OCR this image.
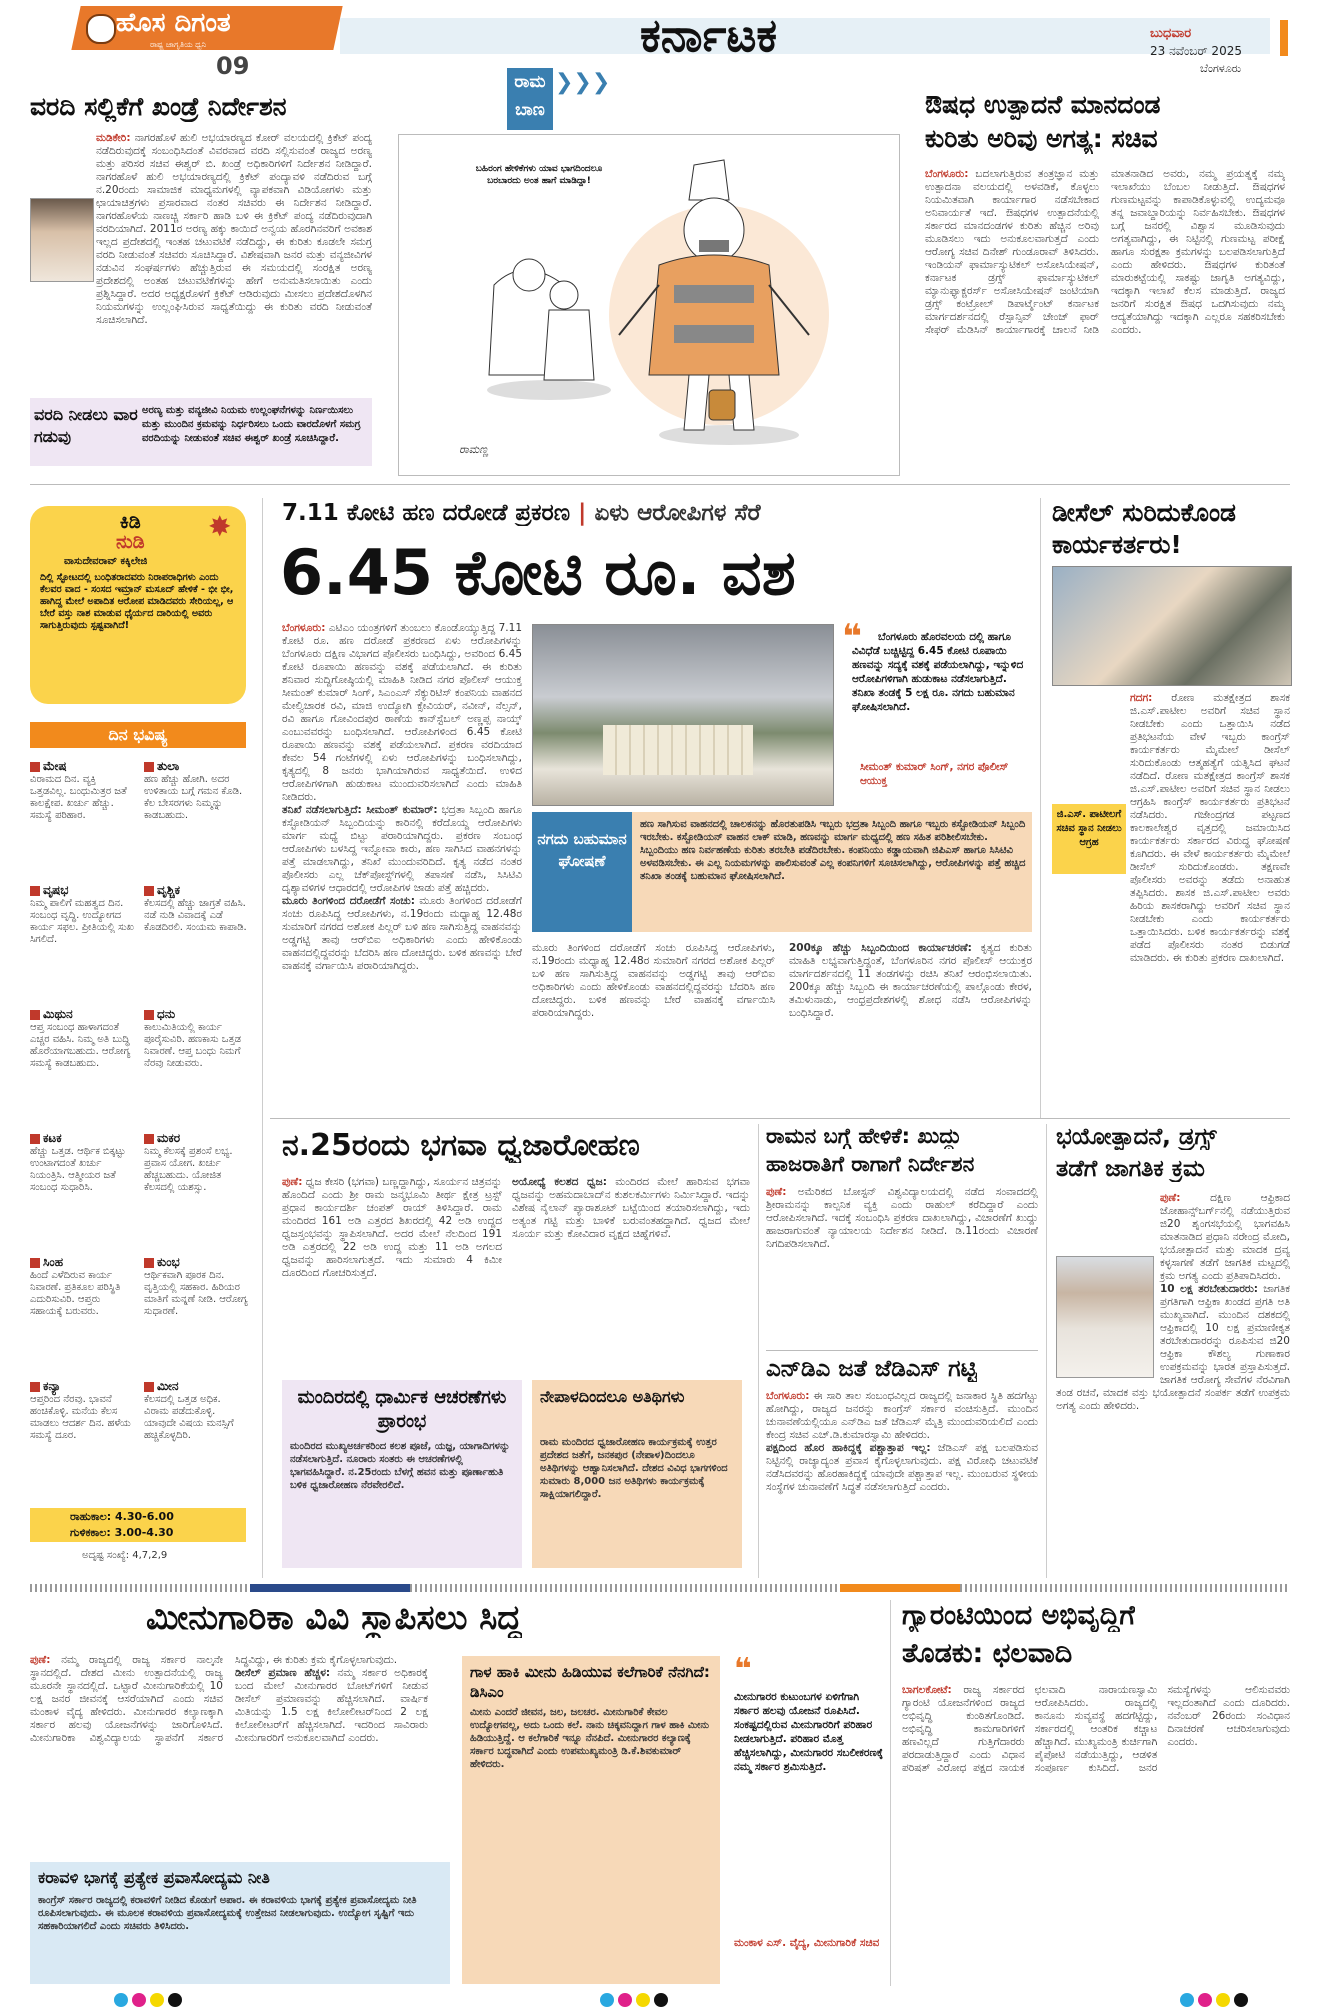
ಹೊಸ ದಿಗಂತ
ರಾಷ್ಟ್ರ ಜಾಗೃತಿಯ ಧ್ವನಿ
09
ಕರ್ನಾಟಕ	ಬುಧವಾರ
23 ನವೆಂಬರ್ 2025
ಬೆಂಗಳೂರು
ವರದಿ ಸಲ್ಲಿಕೆಗೆ ಖಂಡ್ರೆ ನಿರ್ದೇಶನ
ಮಡಿಕೇರಿ: ನಾಗರಹೊಳೆ ಹುಲಿ ಅಭಯಾರಣ್ಯದ ಕೋರ್ ವಲಯದಲ್ಲಿ ಕ್ರಿಕೆಟ್ ಪಂದ್ಯ ನಡೆದಿರುವುದಕ್ಕೆ ಸಂಬಂಧಿಸಿದಂತೆ ವಿವರವಾದ ವರದಿ ಸಲ್ಲಿಸುವಂತೆ ರಾಜ್ಯದ ಅರಣ್ಯ ಮತ್ತು ಪರಿಸರ ಸಚಿವ ಈಶ್ವರ್ ಬಿ. ಖಂಡ್ರೆ ಅಧಿಕಾರಿಗಳಿಗೆ ನಿರ್ದೇಶನ ನೀಡಿದ್ದಾರೆ. ನಾಗರಹೊಳೆ ಹುಲಿ ಅಭಯಾರಣ್ಯದಲ್ಲಿ ಕ್ರಿಕೆಟ್ ಪಂದ್ಯಾವಳಿ ನಡೆದಿರುವ ಬಗ್ಗೆ ನ.20ರಂದು ಸಾಮಾಜಿಕ ಮಾಧ್ಯಮಗಳಲ್ಲಿ ವ್ಯಾಪಕವಾಗಿ ವಿಡಿಯೋಗಳು ಮತ್ತು ಛಾಯಾಚಿತ್ರಗಳು ಪ್ರಸಾರವಾದ ನಂತರ ಸಚಿವರು ಈ ನಿರ್ದೇಶನ ನೀಡಿದ್ದಾರೆ. ನಾಗರಹೊಳೆಯ ನಾಣಚ್ಚಿ ಸರ್ಕಾರಿ ಹಾಡಿ ಬಳಿ ಈ ಕ್ರಿಕೆಟ್ ಪಂದ್ಯ ನಡೆದಿರುವುದಾಗಿ ವರದಿಯಾಗಿದೆ. 2011ರ ಅರಣ್ಯ ಹಕ್ಕು ಕಾಯಿದೆ ಅನ್ವಯ ಹೊರಗಿನವರಿಗೆ ಅವಕಾಶ ಇಲ್ಲದ ಪ್ರದೇಶದಲ್ಲಿ ಇಂತಹ ಚಟುವಟಿಕೆ ನಡೆದಿದ್ದು, ಈ ಕುರಿತು ಕೂಡಲೇ ಸಮಗ್ರ ವರದಿ ನೀಡುವಂತೆ ಸಚಿವರು ಸೂಚಿಸಿದ್ದಾರೆ. ವಿಶೇಷವಾಗಿ ಜನರ ಮತ್ತು ವನ್ಯಜೀವಿಗಳ ನಡುವಿನ ಸಂಘರ್ಷಗಳು ಹೆಚ್ಚುತ್ತಿರುವ ಈ ಸಮಯದಲ್ಲಿ ಸಂರಕ್ಷಿತ ಅರಣ್ಯ ಪ್ರದೇಶದಲ್ಲಿ ಅಂತಹ ಚಟುವಟಿಕೆಗಳನ್ನು ಹೇಗೆ ಅನುಮತಿಸಲಾಯಿತು ಎಂದು ಪ್ರಶ್ನಿಸಿದ್ದಾರೆ. ಅದರ ಅಧ್ಯಕ್ಷರೊಳಗೆ ಕ್ರಿಕೆಟ್ ಆಡಿರುವುದು ಮೀಸಲು ಪ್ರದೇಶದೊಳಗಿನ ನಿಯಮಗಳನ್ನು ಉಲ್ಲಂಘಿಸಿರುವ ಸಾಧ್ಯತೆಯಿದ್ದು ಈ ಕುರಿತು ವರದಿ ನೀಡುವಂತೆ ಸೂಚಿಸಲಾಗಿದೆ.
ವರದಿ ನೀಡಲು ವಾರ ಗಡುವು
ಅರಣ್ಯ ಮತ್ತು ವನ್ಯಜೀವಿ ನಿಯಮ ಉಲ್ಲಂಘನೆಗಳನ್ನು ನಿರ್ಣಯಿಸಲು ಮತ್ತು ಮುಂದಿನ ಕ್ರಮವನ್ನು ನಿರ್ಧರಿಸಲು ಒಂದು ವಾರದೊಳಗೆ ಸಮಗ್ರ ವರದಿಯನ್ನು ನೀಡುವಂತೆ ಸಚಿವ ಈಶ್ವರ್ ಖಂಡ್ರೆ ಸೂಚಿಸಿದ್ದಾರೆ.
ರಾಮ
ಬಾಣ
❯❯❯
ಬಹಿರಂಗ ಹೇಳಿಕೆಗಳು ಯಾವ ಭಾಗದಿಂದಲೂ ಬರಬಾರದು ಅಂತ ಹಾಗೆ ಮಾಡಿದ್ದಾ!
ರಾಮಣ್ಣ
ಔಷಧ ಉತ್ಪಾದನೆ ಮಾನದಂಡ
ಕುರಿತು ಅರಿವು ಅಗತ್ಯ: ಸಚಿವ
ಬೆಂಗಳೂರು: ಬದಲಾಗುತ್ತಿರುವ ತಂತ್ರಜ್ಞಾನ ಮತ್ತು ಉತ್ಪಾದನಾ ವಲಯದಲ್ಲಿ ಅಳವಡಿಕೆ, ಕೊಳ್ಳಲು ನಿಯಮಿತವಾಗಿ ಕಾರ್ಯಾಗಾರ ನಡೆಸಬೇಕಾದ ಅನಿವಾರ್ಯತೆ ಇದೆ. ಔಷಧಗಳ ಉತ್ಪಾದನೆಯಲ್ಲಿ ಸರ್ಕಾರದ ಮಾನದಂಡಗಳ ಕುರಿತು ಹೆಚ್ಚಿನ ಅರಿವು ಮೂಡಿಸಲು ಇದು ಅನುಕೂಲವಾಗುತ್ತದೆ ಎಂದು ಆರೋಗ್ಯ ಸಚಿವ ದಿನೇಶ್ ಗುಂಡೂರಾವ್ ತಿಳಿಸಿದರು. ಇಂಡಿಯನ್ ಫಾರ್ಮಾಸ್ಯುಟಿಕಲ್ ಅಸೋಸಿಯೇಷನ್, ಕರ್ನಾಟಕ ಡ್ರಗ್ಸ್ ಫಾರ್ಮಾಸ್ಯುಟಿಕಲ್ ಮ್ಯಾನುಫ್ಯಾಕ್ಚರರ್ಸ್ ಅಸೋಸಿಯೇಷನ್ ಜಂಟಿಯಾಗಿ ಡ್ರಗ್ಸ್ ಕಂಟ್ರೋಲ್ ಡಿಪಾರ್ಟ್ಮೆಂಟ್ ಕರ್ನಾಟಕ ಮಾರ್ಗದರ್ಶನದಲ್ಲಿ ರೆಸ್ಪಾನ್ಸಿವ್ ಚೇಂಜ್ ಫಾರ್ ಸೇಫರ್ ಮೆಡಿಸಿನ್ ಕಾರ್ಯಾಗಾರಕ್ಕೆ ಚಾಲನೆ ನೀಡಿ ಮಾತನಾಡಿದ ಅವರು, ನಮ್ಮ ಪ್ರಯತ್ನಕ್ಕೆ ನಮ್ಮ ಇಲಾಖೆಯು ಬೆಂಬಲ ನೀಡುತ್ತಿದೆ. ಔಷಧಗಳ ಗುಣಮಟ್ಟವನ್ನು ಕಾಪಾಡಿಕೊಳ್ಳುವಲ್ಲಿ ಉದ್ಯಮವೂ ತನ್ನ ಜವಾಬ್ದಾರಿಯನ್ನು ನಿರ್ವಹಿಸಬೇಕು. ಔಷಧಗಳ ಬಗ್ಗೆ ಜನರಲ್ಲಿ ವಿಶ್ವಾಸ ಮೂಡಿಸುವುದು ಅಗತ್ಯವಾಗಿದ್ದು, ಈ ನಿಟ್ಟಿನಲ್ಲಿ ಗುಣಮಟ್ಟ ಪರೀಕ್ಷೆ ಹಾಗೂ ಸುರಕ್ಷತಾ ಕ್ರಮಗಳನ್ನು ಬಲಪಡಿಸಲಾಗುತ್ತಿದೆ ಎಂದು ಹೇಳಿದರು. ಔಷಧಗಳ ಕುರಿತಂತೆ ಮಾರುಕಟ್ಟೆಯಲ್ಲಿ ಸಾಕಷ್ಟು ಜಾಗೃತಿ ಅಗತ್ಯವಿದ್ದು, ಇದಕ್ಕಾಗಿ ಇಲಾಖೆ ಕೆಲಸ ಮಾಡುತ್ತಿದೆ. ರಾಜ್ಯದ ಜನರಿಗೆ ಸುರಕ್ಷಿತ ಔಷಧ ಒದಗಿಸುವುದು ನಮ್ಮ ಆದ್ಯತೆಯಾಗಿದ್ದು ಇದಕ್ಕಾಗಿ ಎಲ್ಲರೂ ಸಹಕರಿಸಬೇಕು ಎಂದರು.
ಕಿಡಿ
ನುಡಿ ✸
ವಾಸುದೇವರಾವ್ ಕಕ್ಕಿಲೇಜಿ
ದಿಲ್ಲಿ ಸ್ಫೋಟದಲ್ಲಿ ಬಂಧಿತರಾದವರು ನಿರಾಪರಾಧಿಗಳು ಎಂದು ಕೆಲವರ ವಾದ - ಸಂಸದ ಇಮ್ರಾನ್ ಮಸೂದ್ ಹೇಳಿಕೆ - ಭೀ ಭೀ, ಹಾಗಿದ್ದ ಮೇಲೆ ಅಪಾದಿತ ಆರೋಪ ಮಾಡಿದವರು ಸೇರಿಯಲ್ಲ, ಆ ಬೇರೆ ವಸ್ತು ನಾಶ ಮಾಡುವ ಧೈರ್ಯದ ದಾರಿಯಲ್ಲಿ ಅವರು ಸಾಗುತ್ತಿರುವುದು ಸ್ಪಷ್ಟವಾಗಿದೆ!
ದಿನ ಭವಿಷ್ಯ
ಮೇಷ
ವಿರಾಮದ ದಿನ. ವ್ಯಕ್ತಿ ಒತ್ತಡವಿಲ್ಲ. ಬಂಧುಮಿತ್ರರ ಜತೆ ಕಾಲಕ್ಷೇಪ. ಖರ್ಚು ಹೆಚ್ಚು. ಸಮಸ್ಯೆ ಪರಿಹಾರ.
ತುಲಾ
ಹಣ ಹೆಚ್ಚು ಹೋಗಿ. ಅದರ ಉಳಿತಾಯ ಬಗ್ಗೆ ಗಮನ ಕೊಡಿ. ಕೆಲ ಬೇಸರಗಳು ನಿಮ್ಮನ್ನು ಕಾಡಬಹುದು.
ವೃಷಭ
ನಿಮ್ಮ ಪಾಲಿಗೆ ಮಹತ್ವದ ದಿನ. ಸಂಬಂಧ ವೃದ್ಧಿ. ಉದ್ಯೋಗದ ಕಾರ್ಯ ಸಫಲ. ಪ್ರೀತಿಯಲ್ಲಿ ಸುಖ ಸಿಗಲಿದೆ.
ವೃಶ್ಚಿಕ
ಕೆಲಸದಲ್ಲಿ ಹೆಚ್ಚು ಜಾಗ್ರತೆ ವಹಿಸಿ. ನಡೆ ನುಡಿ ವಿವಾದಕ್ಕೆ ಎಡೆ ಕೊಡದಿರಲಿ. ಸಂಯಮ ಕಾಪಾಡಿ.
ಮಿಥುನ
ಆಪ್ತ ಸಂಬಂಧ ಹಾಳಾಗದಂತೆ ಎಚ್ಚರ ವಹಿಸಿ. ನಿಮ್ಮ ಅತಿ ಬುದ್ಧಿ ಹೊರೆಯಾಗಬಹುದು. ಆರೋಗ್ಯ ಸಮಸ್ಯೆ ಕಾಡಬಹುದು.
ಧನು
ಕಾಲುಮಿತಿಯಲ್ಲಿ ಕಾರ್ಯ ಪೂರೈಸುವಿರಿ. ಹಣಕಾಸು ಒತ್ತಡ ನಿವಾರಣೆ. ಆಪ್ತ ಬಂಧು ನಿಮಗೆ ನೆರವು ನೀಡುವರು.
ಕಟಕ
ಹೆಚ್ಚು ಒತ್ತಡ. ಆರ್ಥಿಕ ಬಿಕ್ಕಟ್ಟು ಉಂಟಾಗದಂತೆ ಖರ್ಚು ನಿಯಂತ್ರಿಸಿ. ಆತ್ಮೀಯರ ಜತೆ ಸಂಬಂಧ ಸುಧಾರಿಸಿ.
ಮಕರ
ನಿಮ್ಮ ಕೆಲಸಕ್ಕೆ ಪ್ರಶಂಸೆ ಲಭ್ಯ. ಪ್ರವಾಸ ಯೋಗ. ಖರ್ಚು ಹೆಚ್ಚಬಹುದು. ಯೋಜಿತ ಕೆಲಸದಲ್ಲಿ ಯಶಸ್ಸು.
ಸಿಂಹ
ಹಿಂದೆ ಎಳೆದಿರುವ ಕಾರ್ಯ ನಿವಾರಣೆ. ಪ್ರತಿಕೂಲ ಪರಿಸ್ಥಿತಿ ಎದುರಿಸುವಿರಿ. ಆಪ್ತರು ಸಹಾಯಕ್ಕೆ ಬರುವರು.
ಕುಂಭ
ಆರ್ಥಿಕವಾಗಿ ಪೂರಕ ದಿನ. ವೃತ್ತಿಯಲ್ಲಿ ಸಹಕಾರ. ಹಿರಿಯರ ಮಾತಿಗೆ ಮನ್ನಣೆ ನೀಡಿ. ಆರೋಗ್ಯ ಸುಧಾರಣೆ.
ಕನ್ಯಾ
ಆಪ್ತರಿಂದ ನೆರವು. ಭಾವನೆ ಹಂಚಿಕೊಳ್ಳಿ. ಮನೆಯ ಕೆಲಸ ಮಾಡಲು ಆದರ್ಶ ದಿನ. ಹಳೆಯ ಸಮಸ್ಯೆ ದೂರ.
ಮೀನ
ಕೆಲಸದಲ್ಲಿ ಒತ್ತಡ ಅಧಿಕ. ವಿರಾಮ ಪಡೆದುಕೊಳ್ಳಿ. ಯಾವುದೇ ವಿಷಯ ಮನಸ್ಸಿಗೆ ಹಚ್ಚಿಕೊಳ್ಳದಿರಿ.
ರಾಹುಕಾಲ: 4.30-6.00
ಗುಳಿಕಕಾಲ: 3.00-4.30
ಅದೃಷ್ಟ ಸಂಖ್ಯೆ: 4,7,2,9
7.11 ಕೋಟಿ ಹಣ ದರೋಡೆ ಪ್ರಕರಣ | ಏಳು ಆರೋಪಿಗಳ ಸೆರೆ
6.45 ಕೋಟಿ ರೂ. ವಶ
ಬೆಂಗಳೂರು: ಎಟಿಎಂ ಯಂತ್ರಗಳಿಗೆ ತುಂಬಲು ಕೊಂಡೊಯ್ಯುತ್ತಿದ್ದ 7.11 ಕೋಟಿ ರೂ. ಹಣ ದರೋಡೆ ಪ್ರಕರಣದ ಏಳು ಆರೋಪಿಗಳನ್ನು ಬೆಂಗಳೂರು ದಕ್ಷಿಣ ವಿಭಾಗದ ಪೊಲೀಸರು ಬಂಧಿಸಿದ್ದು, ಅವರಿಂದ 6.45 ಕೋಟಿ ರೂಪಾಯಿ ಹಣವನ್ನು ವಶಕ್ಕೆ ಪಡೆಯಲಾಗಿದೆ. ಈ ಕುರಿತು ಶನಿವಾರ ಸುದ್ದಿಗೋಷ್ಠಿಯಲ್ಲಿ ಮಾಹಿತಿ ನೀಡಿದ ನಗರ ಪೊಲೀಸ್ ಆಯುಕ್ತ ಸೀಮಂತ್ ಕುಮಾರ್ ಸಿಂಗ್, ಸಿಎಂಎಸ್ ಸೆಕ್ಯುರಿಟಿಸ್ ಕಂಪನಿಯ ವಾಹನದ ಮೇಲ್ವಿಚಾರಕ ರವಿ, ಮಾಜಿ ಉದ್ಯೋಗಿ ಕ್ಸೇವಿಯರ್, ನವೀನ್, ನೆಲ್ಸನ್, ರವಿ ಹಾಗೂ ಗೋವಿಂದಪುರ ಠಾಣೆಯ ಕಾನ್‌ಸ್ಟೆಬಲ್ ಅಣ್ಣಪ್ಪ ನಾಯ್ಕ್ ಎಂಬುವವರನ್ನು ಬಂಧಿಸಲಾಗಿದೆ. ಆರೋಪಿಗಳಿಂದ 6.45 ಕೋಟಿ ರೂಪಾಯಿ ಹಣವನ್ನು ವಶಕ್ಕೆ ಪಡೆಯಲಾಗಿದೆ. ಪ್ರಕರಣ ವರದಿಯಾದ ಕೇವಲ 54 ಗಂಟೆಗಳಲ್ಲಿ ಏಳು ಆರೋಪಿಗಳನ್ನು ಬಂಧಿಸಲಾಗಿದ್ದು, ಕೃತ್ಯದಲ್ಲಿ 8 ಜನರು ಭಾಗಿಯಾಗಿರುವ ಸಾಧ್ಯತೆಯಿದೆ. ಉಳಿದ ಆರೋಪಿಗಳಿಗಾಗಿ ಹುಡುಕಾಟ ಮುಂದುವರಿಸಲಾಗಿದೆ ಎಂದು ಮಾಹಿತಿ ನೀಡಿದರು.
ತನಿಖೆ ನಡೆಸಲಾಗುತ್ತಿದೆ: ಸೀಮಂತ್ ಕುಮಾರ್: ಭದ್ರತಾ ಸಿಬ್ಬಂದಿ ಹಾಗೂ ಕಸ್ಟೋಡಿಯನ್ ಸಿಬ್ಬಂದಿಯನ್ನು ಕಾರಿನಲ್ಲಿ ಕರೆದೊಯ್ದ ಆರೋಪಿಗಳು ಮಾರ್ಗ ಮಧ್ಯೆ ಬಿಟ್ಟು ಪರಾರಿಯಾಗಿದ್ದರು. ಪ್ರಕರಣ ಸಂಬಂಧ ಆರೋಪಿಗಳು ಬಳಸಿದ್ದ ಇನ್ನೋವಾ ಕಾರು, ಹಣ ಸಾಗಿಸಿದ ವಾಹನಗಳನ್ನು ಪತ್ತೆ ಮಾಡಲಾಗಿದ್ದು, ತನಿಖೆ ಮುಂದುವರಿದಿದೆ. ಕೃತ್ಯ ನಡೆದ ನಂತರ ಪೊಲೀಸರು ಎಲ್ಲ ಚೆಕ್‌ಪೋಸ್ಟ್‌ಗಳಲ್ಲಿ ತಪಾಸಣೆ ನಡೆಸಿ, ಸಿಸಿಟಿವಿ ದೃಶ್ಯಾವಳಿಗಳ ಆಧಾರದಲ್ಲಿ ಆರೋಪಿಗಳ ಜಾಡು ಪತ್ತೆ ಹಚ್ಚಿದರು.
ಮೂರು ತಿಂಗಳಿಂದ ದರೋಡೆಗೆ ಸಂಚು: ಮೂರು ತಿಂಗಳಿಂದ ದರೋಡೆಗೆ ಸಂಚು ರೂಪಿಸಿದ್ದ ಆರೋಪಿಗಳು, ನ.19ರಂದು ಮಧ್ಯಾಹ್ನ 12.48ರ ಸುಮಾರಿಗೆ ನಗರದ ಅಶೋಕ ಪಿಲ್ಲರ್ ಬಳಿ ಹಣ ಸಾಗಿಸುತ್ತಿದ್ದ ವಾಹನವನ್ನು ಅಡ್ಡಗಟ್ಟಿ ತಾವು ಆರ್‌ಬಿಐ ಅಧಿಕಾರಿಗಳು ಎಂದು ಹೇಳಿಕೊಂಡು ವಾಹನದಲ್ಲಿದ್ದವರನ್ನು ಬೆದರಿಸಿ ಹಣ ದೋಚಿದ್ದರು. ಬಳಿಕ ಹಣವನ್ನು ಬೇರೆ ವಾಹನಕ್ಕೆ ವರ್ಗಾಯಿಸಿ ಪರಾರಿಯಾಗಿದ್ದರು.
❝	ಬೆಂಗಳೂರು ಹೊರವಲಯ ದಲ್ಲಿ ಹಾಗೂ ವಿವಿಧೆಡೆ ಬಚ್ಚಿಟ್ಟಿದ್ದ 6.45 ಕೋಟಿ ರೂಪಾಯಿ ಹಣವನ್ನು ಸದ್ಯಕ್ಕೆ ವಶಕ್ಕೆ ಪಡೆಯಲಾಗಿದ್ದು, ಇನ್ನುಳಿದ ಆರೋಪಿಗಳಿಗಾಗಿ ಹುಡುಕಾಟ ನಡೆಸಲಾಗುತ್ತಿದೆ. ತನಿಖಾ ತಂಡಕ್ಕೆ 5 ಲಕ್ಷ ರೂ. ನಗದು ಬಹುಮಾನ ಘೋಷಿಸಲಾಗಿದೆ.
ಸೀಮಂತ್ ಕುಮಾರ್ ಸಿಂಗ್, ನಗರ ಪೊಲೀಸ್ ಆಯುಕ್ತ
ನಗದು ಬಹುಮಾನ ಘೋಷಣೆ
ಹಣ ಸಾಗಿಸುವ ವಾಹನದಲ್ಲಿ ಚಾಲಕನನ್ನು ಹೊರತುಪಡಿಸಿ ಇಬ್ಬರು ಭದ್ರತಾ ಸಿಬ್ಬಂದಿ ಹಾಗೂ ಇಬ್ಬರು ಕಸ್ಟೋಡಿಯನ್ ಸಿಬ್ಬಂದಿ ಇರಬೇಕು. ಕಸ್ಟೋಡಿಯನ್ ವಾಹನ ಲಾಕ್ ಮಾಡಿ, ಹಣವನ್ನು ಮಾರ್ಗ ಮಧ್ಯದಲ್ಲಿ ಹಣ ಸಹಿತ ಪರಿಶೀಲಿಸಬೇಕು. ಸಿಬ್ಬಂದಿಯು ಹಣ ನಿರ್ವಹಣೆಯ ಕುರಿತು ತರಬೇತಿ ಪಡೆದಿರಬೇಕು. ಕಂಪನಿಯು ಕಡ್ಡಾಯವಾಗಿ ಜಿಪಿಎಸ್ ಹಾಗೂ ಸಿಸಿಟಿವಿ ಅಳವಡಿಸಬೇಕು. ಈ ಎಲ್ಲ ನಿಯಮಗಳನ್ನು ಪಾಲಿಸುವಂತೆ ಎಲ್ಲ ಕಂಪನಿಗಳಿಗೆ ಸೂಚಿಸಲಾಗಿದ್ದು, ಆರೋಪಿಗಳನ್ನು ಪತ್ತೆ ಹಚ್ಚಿದ ತನಿಖಾ ತಂಡಕ್ಕೆ ಬಹುಮಾನ ಘೋಷಿಸಲಾಗಿದೆ.
ಮೂರು ತಿಂಗಳಿಂದ ದರೋಡೆಗೆ ಸಂಚು ರೂಪಿಸಿದ್ದ ಆರೋಪಿಗಳು, ನ.19ರಂದು ಮಧ್ಯಾಹ್ನ 12.48ರ ಸುಮಾರಿಗೆ ನಗರದ ಅಶೋಕ ಪಿಲ್ಲರ್ ಬಳಿ ಹಣ ಸಾಗಿಸುತ್ತಿದ್ದ ವಾಹನವನ್ನು ಅಡ್ಡಗಟ್ಟಿ ತಾವು ಆರ್‌ಬಿಐ ಅಧಿಕಾರಿಗಳು ಎಂದು ಹೇಳಿಕೊಂಡು ವಾಹನದಲ್ಲಿದ್ದವರನ್ನು ಬೆದರಿಸಿ ಹಣ ದೋಚಿದ್ದರು. ಬಳಿಕ ಹಣವನ್ನು ಬೇರೆ ವಾಹನಕ್ಕೆ ವರ್ಗಾಯಿಸಿ ಪರಾರಿಯಾಗಿದ್ದರು.
200ಕ್ಕೂ ಹೆಚ್ಚು ಸಿಬ್ಬಂದಿಯಿಂದ ಕಾರ್ಯಾಚರಣೆ: ಕೃತ್ಯದ ಕುರಿತು ಮಾಹಿತಿ ಲಭ್ಯವಾಗುತ್ತಿದ್ದಂತೆ, ಬೆಂಗಳೂರಿನ ನಗರ ಪೊಲೀಸ್ ಆಯುಕ್ತರ ಮಾರ್ಗದರ್ಶನದಲ್ಲಿ 11 ತಂಡಗಳನ್ನು ರಚಿಸಿ ತನಿಖೆ ಆರಂಭಿಸಲಾಯಿತು. 200ಕ್ಕೂ ಹೆಚ್ಚು ಸಿಬ್ಬಂದಿ ಈ ಕಾರ್ಯಾಚರಣೆಯಲ್ಲಿ ಪಾಲ್ಗೊಂಡು ಕೇರಳ, ತಮಿಳುನಾಡು, ಆಂಧ್ರಪ್ರದೇಶಗಳಲ್ಲಿ ಶೋಧ ನಡೆಸಿ ಆರೋಪಿಗಳನ್ನು ಬಂಧಿಸಿದ್ದಾರೆ.
ಡೀಸೆಲ್ ಸುರಿದುಕೊಂಡ
ಕಾರ್ಯಕರ್ತರು!
ಜಿ.ಎಸ್. ಪಾಟೀಲಗೆ ಸಚಿವ ಸ್ಥಾನ ನೀಡಲು ಆಗ್ರಹ
ಗದಗ: ರೋಣ ಮತಕ್ಷೇತ್ರದ ಶಾಸಕ ಜಿ.ಎಸ್.ಪಾಟೀಲ ಅವರಿಗೆ ಸಚಿವ ಸ್ಥಾನ ನೀಡಬೇಕು ಎಂದು ಒತ್ತಾಯಿಸಿ ನಡೆದ ಪ್ರತಿಭಟನೆಯ ವೇಳೆ ಇಬ್ಬರು ಕಾಂಗ್ರೆಸ್ ಕಾರ್ಯಕರ್ತರು ಮೈಮೇಲೆ ಡೀಸೆಲ್ ಸುರಿದುಕೊಂಡು ಆತ್ಮಹತ್ಯೆಗೆ ಯತ್ನಿಸಿದ ಘಟನೆ ನಡೆದಿದೆ. ರೋಣ ಮತಕ್ಷೇತ್ರದ ಕಾಂಗ್ರೆಸ್ ಶಾಸಕ ಜಿ.ಎಸ್.ಪಾಟೀಲ ಅವರಿಗೆ ಸಚಿವ ಸ್ಥಾನ ನೀಡಲು ಆಗ್ರಹಿಸಿ ಕಾಂಗ್ರೆಸ್ ಕಾರ್ಯಕರ್ತರು ಪ್ರತಿಭಟನೆ ನಡೆಸಿದರು. ಗಜೇಂದ್ರಗಡ ಪಟ್ಟಣದ ಕಾಲಕಾಲೇಶ್ವರ ವೃತ್ತದಲ್ಲಿ ಜಮಾಯಿಸಿದ ಕಾರ್ಯಕರ್ತರು ಸರ್ಕಾರದ ವಿರುದ್ಧ ಘೋಷಣೆ ಕೂಗಿದರು. ಈ ವೇಳೆ ಕಾರ್ಯಕರ್ತರು ಮೈಮೇಲೆ ಡೀಸೆಲ್ ಸುರಿದುಕೊಂಡರು. ತಕ್ಷಣವೇ ಪೊಲೀಸರು ಅವರನ್ನು ತಡೆದು ಅನಾಹುತ ತಪ್ಪಿಸಿದರು. ಶಾಸಕ ಜಿ.ಎಸ್.ಪಾಟೀಲ ಅವರು ಹಿರಿಯ ಶಾಸಕರಾಗಿದ್ದು ಅವರಿಗೆ ಸಚಿವ ಸ್ಥಾನ ನೀಡಬೇಕು ಎಂದು ಕಾರ್ಯಕರ್ತರು ಒತ್ತಾಯಿಸಿದರು. ಬಳಿಕ ಕಾರ್ಯಕರ್ತರನ್ನು ವಶಕ್ಕೆ ಪಡೆದ ಪೊಲೀಸರು ನಂತರ ಬಿಡುಗಡೆ ಮಾಡಿದರು. ಈ ಕುರಿತು ಪ್ರಕರಣ ದಾಖಲಾಗಿದೆ.
ನ.25ರಂದು ಭಗವಾ ಧ್ವಜಾರೋಹಣ
ಪುಣೆ: ಧ್ವಜ ಕೇಸರಿ (ಭಗವಾ) ಬಣ್ಣದ್ದಾಗಿದ್ದು, ಸೂರ್ಯನ ಚಿತ್ರವನ್ನು ಹೊಂದಿದೆ ಎಂದು ಶ್ರೀ ರಾಮ ಜನ್ಮಭೂಮಿ ತೀರ್ಥ ಕ್ಷೇತ್ರ ಟ್ರಸ್ಟ್ ಪ್ರಧಾನ ಕಾರ್ಯದರ್ಶಿ ಚಂಪತ್ ರಾಯ್ ತಿಳಿಸಿದ್ದಾರೆ. ರಾಮ ಮಂದಿರದ 161 ಅಡಿ ಎತ್ತರದ ಶಿಖರದಲ್ಲಿ 42 ಅಡಿ ಉದ್ದದ ಧ್ವಜಸ್ತಂಭವನ್ನು ಸ್ಥಾಪಿಸಲಾಗಿದೆ. ಅದರ ಮೇಲೆ ನೆಲದಿಂದ 191 ಅಡಿ ಎತ್ತರದಲ್ಲಿ 22 ಅಡಿ ಉದ್ದ ಮತ್ತು 11 ಅಡಿ ಅಗಲದ ಧ್ವಜವನ್ನು ಹಾರಿಸಲಾಗುತ್ತದೆ. ಇದು ಸುಮಾರು 4 ಕಿಮೀ ದೂರದಿಂದ ಗೋಚರಿಸುತ್ತದೆ.
ಅಯೋಧ್ಯೆ ಕಲಶದ ಧ್ವಜ: ಮಂದಿರದ ಮೇಲೆ ಹಾರಿಸುವ ಭಗವಾ ಧ್ವಜವನ್ನು ಅಹಮದಾಬಾದ್‌ನ ಕುಶಲಕರ್ಮಿಗಳು ನಿರ್ಮಿಸಿದ್ದಾರೆ. ಇದನ್ನು ವಿಶೇಷ ನೈಲಾನ್ ಪ್ಯಾರಾಶೂಟ್ ಬಟ್ಟೆಯಿಂದ ತಯಾರಿಸಲಾಗಿದ್ದು, ಇದು ಅತ್ಯಂತ ಗಟ್ಟಿ ಮತ್ತು ಬಾಳಿಕೆ ಬರುವಂತಹದ್ದಾಗಿದೆ. ಧ್ವಜದ ಮೇಲೆ ಸೂರ್ಯ ಮತ್ತು ಕೋವಿದಾರ ವೃಕ್ಷದ ಚಿಹ್ನೆಗಳಿವೆ.
ಮಂದಿರದಲ್ಲಿ ಧಾರ್ಮಿಕ ಆಚರಣೆಗಳು ಪ್ರಾರಂಭ
ಮಂದಿರದ ಮುಖ್ಯಅರ್ಚಕರಿಂದ ಕಲಶ ಪೂಜೆ, ಯಜ್ಞ, ಯಾಗಾದಿಗಳನ್ನು ನಡೆಸಲಾಗುತ್ತಿದೆ. ನೂರಾರು ಸಂತರು ಈ ಆಚರಣೆಗಳಲ್ಲಿ ಭಾಗವಹಿಸಿದ್ದಾರೆ. ನ.25ರಂದು ಬೆಳಗ್ಗೆ ಹವನ ಮತ್ತು ಪೂರ್ಣಾಹುತಿ ಬಳಿಕ ಧ್ವಜಾರೋಹಣ ನೆರವೇರಲಿದೆ.
ನೇಪಾಳದಿಂದಲೂ ಅತಿಥಿಗಳು
ರಾಮ ಮಂದಿರದ ಧ್ವಜಾರೋಹಣ ಕಾರ್ಯಕ್ರಮಕ್ಕೆ ಉತ್ತರ ಪ್ರದೇಶದ ಜತೆಗೆ, ಜನಕಪುರ (ನೇಪಾಳ)ದಿಂದಲೂ ಅತಿಥಿಗಳನ್ನು ಆಹ್ವಾನಿಸಲಾಗಿದೆ. ದೇಶದ ವಿವಿಧ ಭಾಗಗಳಿಂದ ಸುಮಾರು 8,000 ಜನ ಅತಿಥಿಗಳು ಕಾರ್ಯಕ್ರಮಕ್ಕೆ ಸಾಕ್ಷಿಯಾಗಲಿದ್ದಾರೆ.
ರಾಮನ ಬಗ್ಗೆ ಹೇಳಿಕೆ: ಖುದ್ದು
ಹಾಜರಾತಿಗೆ ರಾಗಾಗೆ ನಿರ್ದೇಶನ
ಪುಣೆ: ಅಮೆರಿಕದ ಬೋಸ್ಟನ್ ವಿಶ್ವವಿದ್ಯಾಲಯದಲ್ಲಿ ನಡೆದ ಸಂವಾದದಲ್ಲಿ ಶ್ರೀರಾಮನನ್ನು ಕಾಲ್ಪನಿಕ ವ್ಯಕ್ತಿ ಎಂದು ರಾಹುಲ್ ಕರೆದಿದ್ದಾರೆ ಎಂದು ಆರೋಪಿಸಲಾಗಿದೆ. ಇದಕ್ಕೆ ಸಂಬಂಧಿಸಿ ಪ್ರಕರಣ ದಾಖಲಾಗಿದ್ದು, ವಿಚಾರಣೆಗೆ ಖುದ್ದು ಹಾಜರಾಗುವಂತೆ ನ್ಯಾಯಾಲಯ ನಿರ್ದೇಶನ ನೀಡಿದೆ. ಡಿ.11ರಂದು ವಿಚಾರಣೆ ನಿಗದಿಪಡಿಸಲಾಗಿದೆ.
ಎನ್‌ಡಿಎ ಜತೆ ಜೆಡಿಎಸ್ ಗಟ್ಟಿ
ಬೆಂಗಳೂರು: ಈ ಸಾರಿ ತಾಲ ಸಂಬಂಧವಿಲ್ಲದ ರಾಜ್ಯದಲ್ಲಿ ಜನಾಕಾರ ಸ್ಥಿತಿ ಹದಗೆಟ್ಟು ಹೋಗಿದ್ದು, ರಾಜ್ಯದ ಜನರನ್ನು ಕಾಂಗ್ರೆಸ್ ಸರ್ಕಾರ ವಂಚಿಸುತ್ತಿದೆ. ಮುಂದಿನ ಚುನಾವಣೆಯಲ್ಲಿಯೂ ಎನ್‌ಡಿಎ ಜತೆ ಜೆಡಿಎಸ್ ಮೈತ್ರಿ ಮುಂದುವರಿಯಲಿದೆ ಎಂದು ಕೇಂದ್ರ ಸಚಿವ ಎಚ್.ಡಿ.ಕುಮಾರಸ್ವಾಮಿ ಹೇಳಿದರು.
ಪಕ್ಷದಿಂದ ಹೊರ ಹಾಕಿದ್ದಕ್ಕೆ ಪಶ್ಚಾತ್ತಾಪ ಇಲ್ಲ: ಜೆಡಿಎಸ್ ಪಕ್ಷ ಬಲಪಡಿಸುವ ನಿಟ್ಟಿನಲ್ಲಿ ರಾಜ್ಯಾದ್ಯಂತ ಪ್ರವಾಸ ಕೈಗೊಳ್ಳಲಾಗುವುದು. ಪಕ್ಷ ವಿರೋಧಿ ಚಟುವಟಿಕೆ ನಡೆಸಿದವರನ್ನು ಹೊರಹಾಕಿದ್ದಕ್ಕೆ ಯಾವುದೇ ಪಶ್ಚಾತ್ತಾಪ ಇಲ್ಲ. ಮುಂಬರುವ ಸ್ಥಳೀಯ ಸಂಸ್ಥೆಗಳ ಚುನಾವಣೆಗೆ ಸಿದ್ಧತೆ ನಡೆಸಲಾಗುತ್ತಿದೆ ಎಂದರು.
ಭಯೋತ್ಪಾದನೆ, ಡ್ರಗ್ಸ್
ತಡೆಗೆ ಜಾಗತಿಕ ಕ್ರಮ
ಪುಣೆ:	ದಕ್ಷಿಣ ಆಫ್ರಿಕಾದ ಜೋಹಾನ್ಸ್‌ಬರ್ಗ್‌ನಲ್ಲಿ ನಡೆಯುತ್ತಿರುವ ಜಿ20 ಶೃಂಗಸಭೆಯಲ್ಲಿ ಭಾಗವಹಿಸಿ ಮಾತನಾಡಿದ ಪ್ರಧಾನಿ ನರೇಂದ್ರ ಮೋದಿ, ಭಯೋತ್ಪಾದನೆ ಮತ್ತು ಮಾದಕ ದ್ರವ್ಯ ಕಳ್ಳಸಾಗಣೆ ತಡೆಗೆ ಜಾಗತಿಕ ಮಟ್ಟದಲ್ಲಿ ಕ್ರಮ ಅಗತ್ಯ ಎಂದು ಪ್ರತಿಪಾದಿಸಿದರು.
10 ಲಕ್ಷ ತರಬೇತುದಾರರು: ಜಾಗತಿಕ ಪ್ರಗತಿಗಾಗಿ ಆಫ್ರಿಕಾ ಖಂಡದ ಪ್ರಗತಿ ಅತಿ ಮುಖ್ಯವಾಗಿದೆ. ಮುಂದಿನ ದಶಕದಲ್ಲಿ ಆಫ್ರಿಕಾದಲ್ಲಿ 10 ಲಕ್ಷ ಪ್ರಮಾಣೀಕೃತ ತರಬೇತುದಾರರನ್ನು ರೂಪಿಸುವ ಜಿ20 ಆಫ್ರಿಕಾ ಕೌಶಲ್ಯ ಗುಣಾಕಾರ ಉಪಕ್ರಮವನ್ನು ಭಾರತ ಪ್ರಸ್ತಾಪಿಸುತ್ತದೆ. ಜಾಗತಿಕ ಆರೋಗ್ಯ ಸೇವೆಗಳ ನೆರವಿಗಾಗಿ ತಂಡ ರಚನೆ, ಮಾದಕ ವಸ್ತು ಭಯೋತ್ಪಾದನೆ ಸಂಪರ್ಕ ತಡೆಗೆ ಉಪಕ್ರಮ ಅಗತ್ಯ ಎಂದು ಹೇಳಿದರು.
ಮೀನುಗಾರಿಕಾ ವಿವಿ ಸ್ಥಾಪಿಸಲು ಸಿದ್ಧ
ಪುಣೆ: ನಮ್ಮ ರಾಜ್ಯದಲ್ಲಿ ರಾಜ್ಯ ಸರ್ಕಾರ ನಾಲ್ಕನೇ ಸ್ಥಾನದಲ್ಲಿದೆ. ದೇಶದ ಮೀನು ಉತ್ಪಾದನೆಯಲ್ಲಿ ರಾಜ್ಯ ಮೂರನೇ ಸ್ಥಾನದಲ್ಲಿದೆ. ಒಟ್ಟಾರೆ ಮೀನುಗಾರಿಕೆಯಲ್ಲಿ 10 ಲಕ್ಷ ಜನರ ಜೀವನಕ್ಕೆ ಆಸರೆಯಾಗಿದೆ ಎಂದು ಸಚಿವ ಮಂಕಾಳ ವೈದ್ಯ ಹೇಳಿದರು. ಮೀನುಗಾರರ ಕಲ್ಯಾಣಕ್ಕಾಗಿ ಸರ್ಕಾರ ಹಲವು ಯೋಜನೆಗಳನ್ನು ಜಾರಿಗೊಳಿಸಿದೆ. ಮೀನುಗಾರಿಕಾ ವಿಶ್ವವಿದ್ಯಾಲಯ ಸ್ಥಾಪನೆಗೆ ಸರ್ಕಾರ ಸಿದ್ಧವಿದ್ದು, ಈ ಕುರಿತು ಕ್ರಮ ಕೈಗೊಳ್ಳಲಾಗುವುದು.
ಡೀಸೆಲ್ ಪ್ರಮಾಣ ಹೆಚ್ಚಳ: ನಮ್ಮ ಸರ್ಕಾರ ಅಧಿಕಾರಕ್ಕೆ ಬಂದ ಮೇಲೆ ಮೀನುಗಾರರ ಬೋಟ್‌ಗಳಿಗೆ ನೀಡುವ ಡೀಸೆಲ್ ಪ್ರಮಾಣವನ್ನು ಹೆಚ್ಚಿಸಲಾಗಿದೆ. ವಾರ್ಷಿಕ ಮಿತಿಯನ್ನು 1.5 ಲಕ್ಷ ಕಿಲೋಲೀಟರ್‌ನಿಂದ 2 ಲಕ್ಷ ಕಿಲೋಲೀಟರ್‌ಗೆ ಹೆಚ್ಚಿಸಲಾಗಿದೆ. ಇದರಿಂದ ಸಾವಿರಾರು ಮೀನುಗಾರರಿಗೆ ಅನುಕೂಲವಾಗಿದೆ ಎಂದರು.
ಕರಾವಳಿ ಭಾಗಕ್ಕೆ ಪ್ರತ್ಯೇಕ ಪ್ರವಾಸೋದ್ಯಮ ನೀತಿ
ಕಾಂಗ್ರೆಸ್ ಸರ್ಕಾರ ರಾಜ್ಯದಲ್ಲಿ ಕರಾವಳಿಗೆ ನೀಡಿದ ಕೊಡುಗೆ ಅಪಾರ. ಈ ಕರಾವಳಿಯ ಭಾಗಕ್ಕೆ ಪ್ರತ್ಯೇಕ ಪ್ರವಾಸೋದ್ಯಮ ನೀತಿ ರೂಪಿಸಲಾಗುವುದು. ಈ ಮೂಲಕ ಕರಾವಳಿಯ ಪ್ರವಾಸೋದ್ಯಮಕ್ಕೆ ಉತ್ತೇಜನ ನೀಡಲಾಗುವುದು. ಉದ್ಯೋಗ ಸೃಷ್ಟಿಗೆ ಇದು ಸಹಕಾರಿಯಾಗಲಿದೆ ಎಂದು ಸಚಿವರು ತಿಳಿಸಿದರು.
ಗಾಳ ಹಾಕಿ ಮೀನು ಹಿಡಿಯುವ ಕಲೆಗಾರಿಕೆ ನೆನಗಿದೆ: ಡಿಸಿಎಂ
ಮೀನು ಎಂದರೆ ಜೀವನ, ಜಲ, ಜಲಚರ. ಮೀನುಗಾರಿಕೆ ಕೇವಲ ಉದ್ಯೋಗವಲ್ಲ, ಅದು ಒಂದು ಕಲೆ. ನಾನು ಚಿಕ್ಕವನಿದ್ದಾಗ ಗಾಳ ಹಾಕಿ ಮೀನು ಹಿಡಿಯುತ್ತಿದ್ದೆ. ಆ ಕಲೆಗಾರಿಕೆ ಇನ್ನೂ ನೆನಪಿದೆ. ಮೀನುಗಾರರ ಕಲ್ಯಾಣಕ್ಕೆ ಸರ್ಕಾರ ಬದ್ಧವಾಗಿದೆ ಎಂದು ಉಪಮುಖ್ಯಮಂತ್ರಿ ಡಿ.ಕೆ.ಶಿವಕುಮಾರ್ ಹೇಳಿದರು.
❝
ಮೀನುಗಾರರ ಕುಟುಂಬಗಳ ಏಳಿಗೆಗಾಗಿ ಸರ್ಕಾರ ಹಲವು ಯೋಜನೆ ರೂಪಿಸಿದೆ. ಸಂಕಷ್ಟದಲ್ಲಿರುವ ಮೀನುಗಾರರಿಗೆ ಪರಿಹಾರ ನೀಡಲಾಗುತ್ತಿದೆ. ಪರಿಹಾರ ಮೊತ್ತ ಹೆಚ್ಚಿಸಲಾಗಿದ್ದು, ಮೀನುಗಾರರ ಸಬಲೀಕರಣಕ್ಕೆ ನಮ್ಮ ಸರ್ಕಾರ ಶ್ರಮಿಸುತ್ತಿದೆ.
ಮಂಕಾಳ ಎಸ್. ವೈದ್ಯ, ಮೀನುಗಾರಿಕೆ ಸಚಿವ
ಗ್ಯಾರಂಟಿಯಿಂದ ಅಭಿವೃದ್ಧಿಗೆ
ತೊಡಕು: ಛಲವಾದಿ
ಬಾಗಲಕೋಟೆ: ರಾಜ್ಯ ಸರ್ಕಾರದ ಗ್ಯಾರಂಟಿ ಯೋಜನೆಗಳಿಂದ ರಾಜ್ಯದ ಅಭಿವೃದ್ಧಿ ಕುಂಠಿತಗೊಂಡಿದೆ. ಅಭಿವೃದ್ಧಿ ಕಾಮಗಾರಿಗಳಿಗೆ ಹಣವಿಲ್ಲದೆ ಗುತ್ತಿಗೆದಾರರು ಪರದಾಡುತ್ತಿದ್ದಾರೆ ಎಂದು ವಿಧಾನ ಪರಿಷತ್ ವಿರೋಧ ಪಕ್ಷದ ನಾಯಕ ಛಲವಾದಿ ನಾರಾಯಣಸ್ವಾಮಿ ಆರೋಪಿಸಿದರು. ರಾಜ್ಯದಲ್ಲಿ ಕಾನೂನು ಸುವ್ಯವಸ್ಥೆ ಹದಗೆಟ್ಟಿದ್ದು, ಸರ್ಕಾರದಲ್ಲಿ ಆಂತರಿಕ ಕಚ್ಚಾಟ ಹೆಚ್ಚಾಗಿದೆ. ಮುಖ್ಯಮಂತ್ರಿ ಕುರ್ಚಿಗಾಗಿ ಪೈಪೋಟಿ ನಡೆಯುತ್ತಿದ್ದು, ಆಡಳಿತ ಸಂಪೂರ್ಣ ಕುಸಿದಿದೆ. ಜನರ ಸಮಸ್ಯೆಗಳನ್ನು ಆಲಿಸುವವರು ಇಲ್ಲದಂತಾಗಿದೆ ಎಂದು ದೂರಿದರು. ನವೆಂಬರ್ 26ರಂದು ಸಂವಿಧಾನ ದಿನಾಚರಣೆ ಆಚರಿಸಲಾಗುವುದು ಎಂದರು.
